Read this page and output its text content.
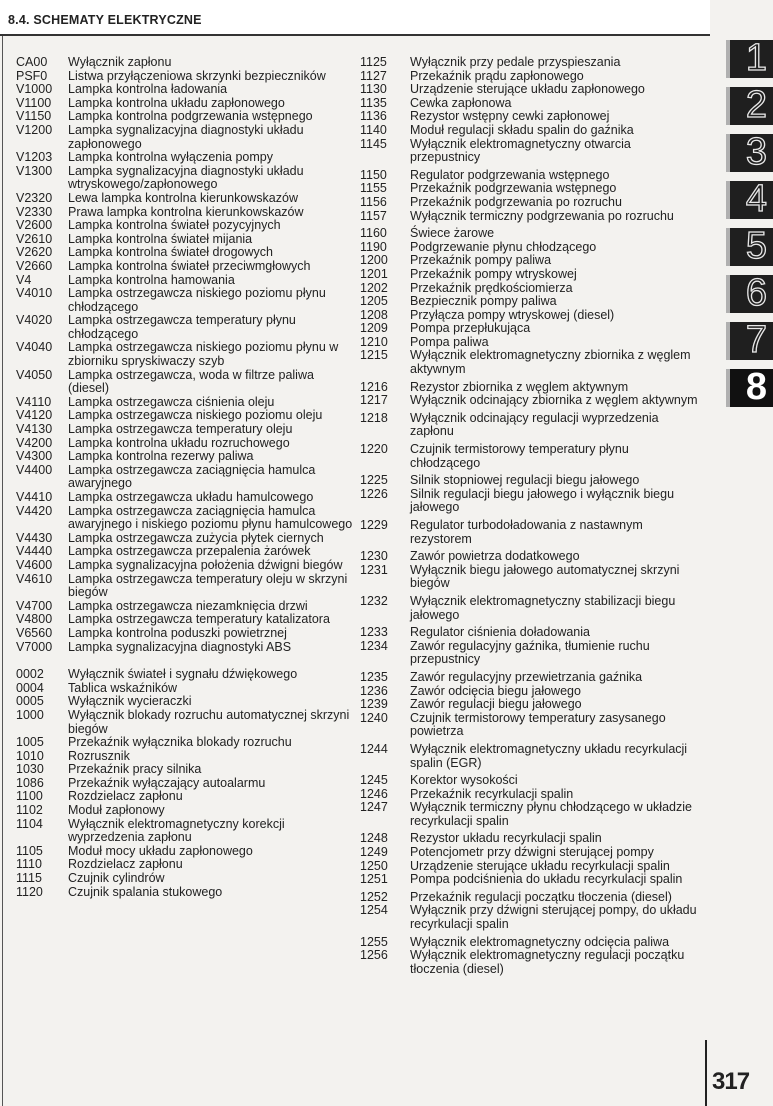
8.4. SCHEMATY ELEKTRYCZNE
CA00 Wyłącznik zapłonu
PSF0 Listwa przyłączeniowa skrzynki bezpieczników
V1000 Lampka kontrolna ładowania
V1100 Lampka kontrolna układu zapłonowego
V1150 Lampka kontrolna podgrzewania wstępnego
V1200 Lampka sygnalizacyjna diagnostyki układu zapłonowego
V1203 Lampka kontrolna wyłączenia pompy
V1300 Lampka sygnalizacyjna diagnostyki układu wtryskowego/zapłonowego
V2320 Lewa lampka kontrolna kierunkowskazów
V2330 Prawa lampka kontrolna kierunkowskazów
V2600 Lampka kontrolna świateł pozycyjnych
V2610 Lampka kontrolna świateł mijania
V2620 Lampka kontrolna świateł drogowych
V2660 Lampka kontrolna świateł przeciwmgłowych
V4	Lampka kontrolna hamowania
V4010 Lampka ostrzegawcza niskiego poziomu płynu chłodzącego
V4020 Lampka ostrzegawcza temperatury płynu chłodzącego
V4040 Lampka ostrzegawcza niskiego poziomu płynu w zbiorniku spryskiwaczy szyb
V4050 Lampka ostrzegawcza, woda w filtrze paliwa (diesel)
V4110 Lampka ostrzegawcza ciśnienia oleju
V4120 Lampka ostrzegawcza niskiego poziomu oleju
V4130 Lampka ostrzegawcza temperatury oleju
V4200 Lampka kontrolna układu rozruchowego
V4300 Lampka kontrolna rezerwy paliwa
V4400 Lampka ostrzegawcza zaciągnięcia hamulca awaryjnego
V4410 Lampka ostrzegawcza układu hamulcowego
V4420 Lampka ostrzegawcza zaciągnięcia hamulca awaryjnego i niskiego poziomu płynu hamulcowego
V4430 Lampka ostrzegawcza zużycia płytek ciernych
V4440 Lampka ostrzegawcza przepalenia żarówek
V4600 Lampka sygnalizacyjna położenia dźwigni biegów
V4610 Lampka ostrzegawcza temperatury oleju w skrzyni biegów
V4700 Lampka ostrzegawcza niezamknięcia drzwi
V4800 Lampka ostrzegawcza temperatury katalizatora
V6560 Lampka kontrolna poduszki powietrznej
V7000 Lampka sygnalizacyjna diagnostyki ABS
0002 Wyłącznik świateł i sygnału dźwiękowego
0004 Tablica wskaźników
0005 Wyłącznik wycieraczki
1000 Wyłącznik blokady rozruchu automatycznej skrzyni biegów
1005 Przekaźnik wyłącznika blokady rozruchu
1010 Rozrusznik
1030 Przekaźnik pracy silnika
1086 Przekaźnik wyłączający autoalarmu
1100 Rozdzielacz zapłonu
1102 Moduł zapłonowy
1104 Wyłącznik elektromagnetyczny korekcji wyprzedzenia zapłonu
1105 Moduł mocy układu zapłonowego
1110 Rozdzielacz zapłonu
1115 Czujnik cylindrów
1120 Czujnik spalania stukowego
1125 Wyłącznik przy pedale przyspieszania
1127 Przekaźnik prądu zapłonowego
1130 Urządzenie sterujące układu zapłonowego
1135 Cewka zapłonowa
1136 Rezystor wstępny cewki zapłonowej
1140 Moduł regulacji składu spalin do gaźnika
1145 Wyłącznik elektromagnetyczny otwarcia przepustnicy
1150 Regulator podgrzewania wstępnego
1155 Przekaźnik podgrzewania wstępnego
1156 Przekaźnik podgrzewania po rozruchu
1157 Wyłącznik termiczny podgrzewania po rozruchu
1160 Świece żarowe
1190 Podgrzewanie płynu chłodzącego
1200 Przekaźnik pompy paliwa
1201 Przekaźnik pompy wtryskowej
1202 Przekaźnik prędkościomierza
1205 Bezpiecznik pompy paliwa
1208 Przyłącza pompy wtryskowej (diesel)
1209 Pompa przepłukująca
1210 Pompa paliwa
1215 Wyłącznik elektromagnetyczny zbiornika z węglem aktywnym
1216 Rezystor zbiornika z węglem aktywnym
1217 Wyłącznik odcinający zbiornika z węglem aktywnym
1218 Wyłącznik odcinający regulacji wyprzedzenia zapłonu
1220 Czujnik termistorowy temperatury płynu chłodzącego
1225 Silnik stopniowej regulacji biegu jałowego
1226 Silnik regulacji biegu jałowego i wyłącznik biegu jałowego
1229 Regulator turbodoładowania z nastawnym rezystorem
1230 Zawór powietrza dodatkowego
1231 Wyłącznik biegu jałowego automatycznej skrzyni biegów
1232 Wyłącznik elektromagnetyczny stabilizacji biegu jałowego
1233 Regulator ciśnienia doładowania
1234 Zawór regulacyjny gaźnika, tłumienie ruchu przepustnicy
1235 Zawór regulacyjny przewietrzania gaźnika
1236 Zawór odcięcia biegu jałowego
1239 Zawór regulacji biegu jałowego
1240 Czujnik termistorowy temperatury zasysanego powietrza
1244 Wyłącznik elektromagnetyczny układu recyrkulacji spalin (EGR)
1245 Korektor wysokości
1246 Przekaźnik recyrkulacji spalin
1247 Wyłącznik termiczny płynu chłodzącego w układzie recyrkulacji spalin
1248 Rezystor układu recyrkulacji spalin
1249 Potencjometr przy dźwigni sterującej pompy
1250 Urządzenie sterujące układu recyrkulacji spalin
1251 Pompa podciśnienia do układu recyrkulacji spalin
1252 Przekaźnik regulacji początku tłoczenia (diesel)
1254 Wyłącznik przy dźwigni sterującej pompy, do układu recyrkulacji spalin
1255 Wyłącznik elektromagnetyczny odcięcia paliwa
1256 Wyłącznik elektromagnetyczny regulacji początku tłoczenia (diesel)
1
2
3
4
5
6
7
8
317
